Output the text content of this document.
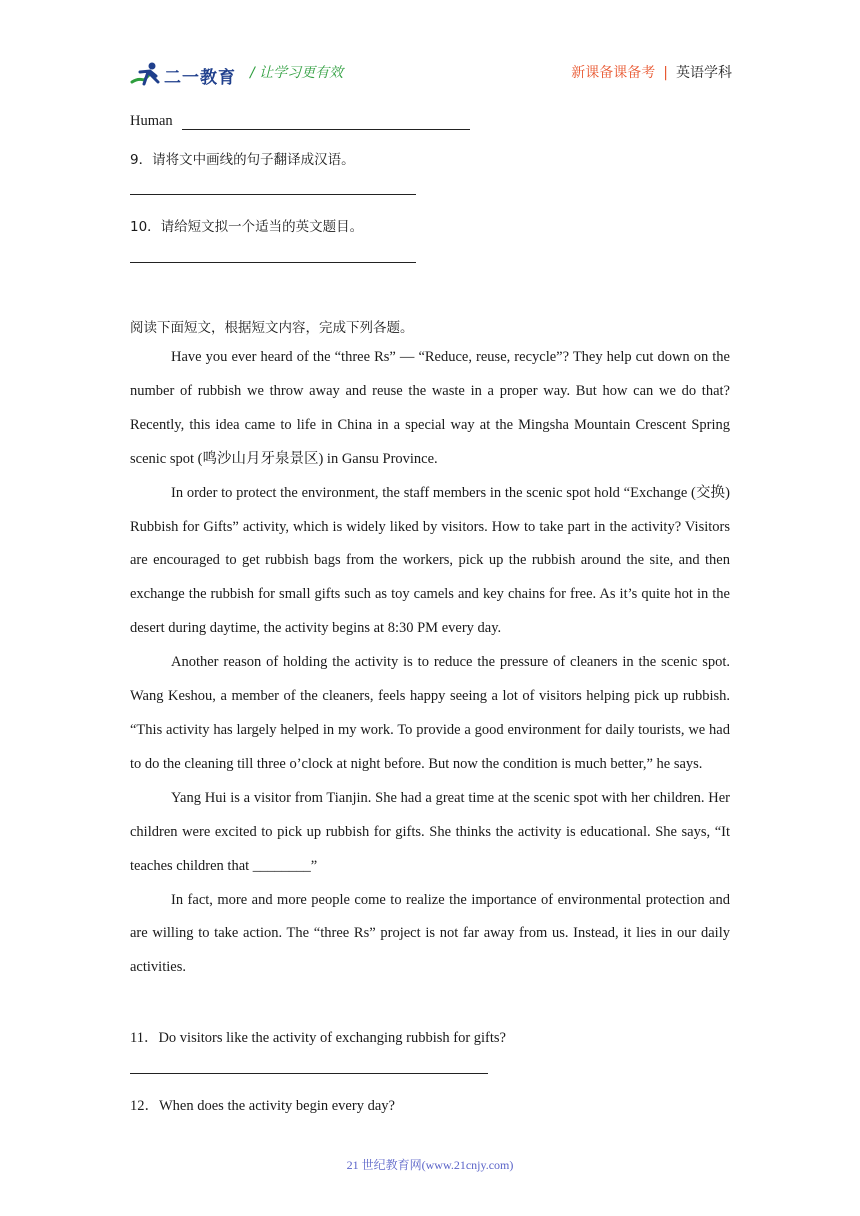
二一教育 / 让学习更有效	新课备课备考 | 英语学科
Human
9．请将文中画线的句子翻译成汉语。
10．请给短文拟一个适当的英文题目。
阅读下面短文，根据短文内容，完成下列各题。

Have you ever heard of the “three Rs” — “Reduce, reuse, recycle”? They help cut down on the number of rubbish we throw away and reuse the waste in a proper way. But how can we do that? Recently, this idea came to life in China in a special way at the Mingsha Mountain Crescent Spring scenic spot (鸣沙山月牙泉景区) in Gansu Province.

In order to protect the environment, the staff members in the scenic spot hold “Exchange (交换) Rubbish for Gifts” activity, which is widely liked by visitors. How to take part in the activity? Visitors are encouraged to get rubbish bags from the workers, pick up the rubbish around the site, and then exchange the rubbish for small gifts such as toy camels and key chains for free. As it’s quite hot in the desert during daytime, the activity begins at 8:30 PM every day.

Another reason of holding the activity is to reduce the pressure of cleaners in the scenic spot. Wang Keshou, a member of the cleaners, feels happy seeing a lot of visitors helping pick up rubbish. “This activity has largely helped in my work. To provide a good environment for daily tourists, we had to do the cleaning till three o’clock at night before. But now the condition is much better,” he says.

Yang Hui is a visitor from Tianjin. She had a great time at the scenic spot with her children. Her children were excited to pick up rubbish for gifts. She thinks the activity is educational. She says, “It teaches children that ________”

In fact, more and more people come to realize the importance of environmental protection and are willing to take action. The “three Rs” project is not far away from us. Instead, it lies in our daily activities.

11．Do visitors like the activity of exchanging rubbish for gifts?
12．When does the activity begin every day?
21 世纪教育网(www.21cnjy.com)
